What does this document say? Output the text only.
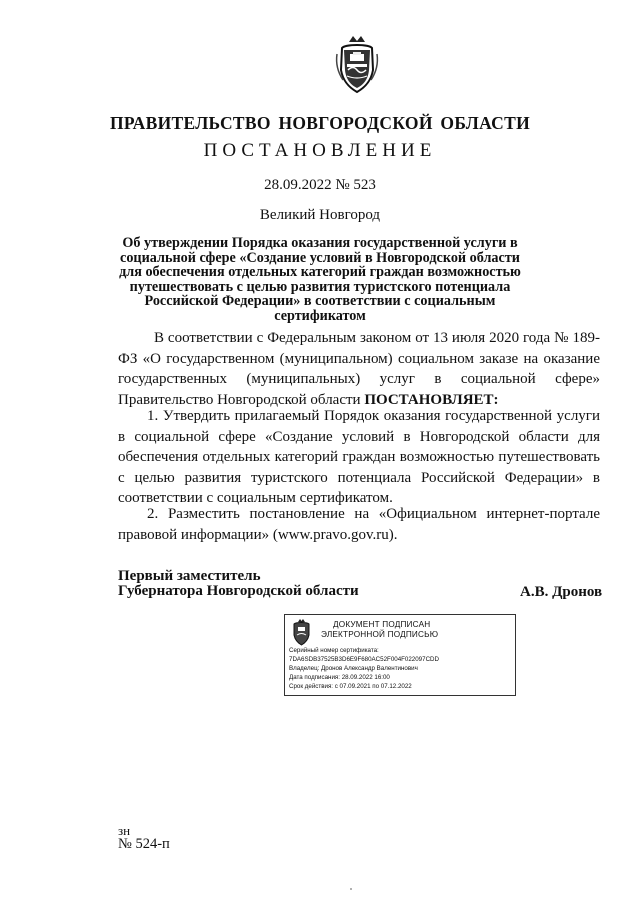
ПРАВИТЕЛЬСТВО НОВГОРОДСКОЙ ОБЛАСТИ
ПОСТАНОВЛЕНИЕ
28.09.2022 № 523
Великий Новгород
Об утверждении Порядка оказания государственной услуги в социальной сфере «Создание условий в Новгородской области для обеспечения отдельных категорий граждан возможностью путешествовать с целью развития туристского потенциала Российской Федерации» в соответствии с социальным сертификатом
В соответствии с Федеральным законом от 13 июля 2020 года № 189-ФЗ «О государственном (муниципальном) социальном заказе на оказание государственных (муниципальных) услуг в социальной сфере» Правительство Новгородской области ПОСТАНОВЛЯЕТ:
1. Утвердить прилагаемый Порядок оказания государственной услуги в социальной сфере «Создание условий в Новгородской области для обеспечения отдельных категорий граждан возможностью путешествовать с целью развития туристского потенциала Российской Федерации» в соответствии с социальным сертификатом.
2. Разместить постановление на «Официальном интернет-портале правовой информации» (www.pravo.gov.ru).
Первый заместитель
Губернатора Новгородской области	А.В. Дронов
ДОКУМЕНТ ПОДПИСАН
ЭЛЕКТРОННОЙ ПОДПИСЬЮ
Серийный номер сертификата:
7DA6SDB37525B3D6E9F680AC52F004F022097CDD
Владелец: Дронов Александр Валентинович
Дата подписания: 28.09.2022 16:00
Срок действия: с 07.09.2021 по 07.12.2022
зн
№ 524-п
